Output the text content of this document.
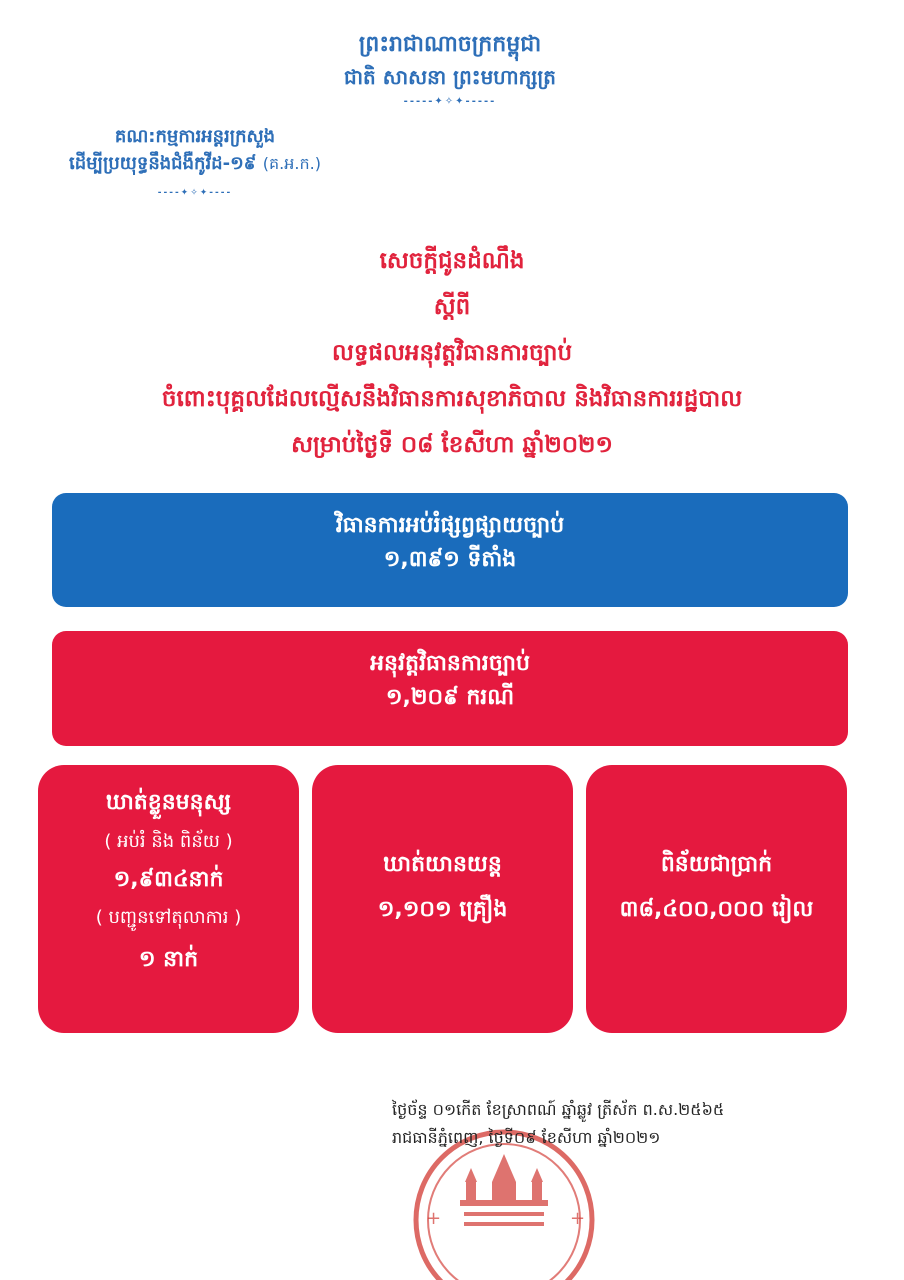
ព្រះរាជាណាចក្រកម្ពុជា
ជាតិ សាសនា ព្រះមហាក្សត្រ
‐‐‐‐‐✦✧✦‐‐‐‐‐
គណ:កម្មការអន្តរក្រសួង
ដើម្បីប្រយុទ្ធនឹងជំងឺកូវីដ-១៩ (គ.អ.ក.)
‐‐‐‐✦✧✦‐‐‐‐
សេចក្ដីជូនដំណឹង
ស្ដីពី
លទ្ធផលអនុវត្តវិធានការច្បាប់
ចំពោះបុគ្គលដែលល្មើសនឹងវិធានការសុខាភិបាល និងវិធានការរដ្ឋបាល
សម្រាប់ថ្ងៃទី ០៨ ខែសីហា ឆ្នាំ២០២១
វិធានការអប់រំផ្សព្វផ្សាយច្បាប់
១,៣៩១ ទីតាំង
អនុវត្តវិធានការច្បាប់
១,២០៩ ករណី
ឃាត់ខ្លួនមនុស្ស
( អប់រំ និង ពិន័យ )
១,៩៣៤នាក់
( បញ្ជូនទៅតុលាការ )
១ នាក់
ឃាត់យានយន្ត
១,១០១ គ្រឿង
ពិន័យជាប្រាក់
៣៨,៤០០,០០០ រៀល
+	+
ថ្ងៃច័ន្ទ ០១កើត ខែស្រាពណ៍ ឆ្នាំឆ្លូវ ត្រីស័ក ព.ស.២៥៦៥
រាជធានីភ្នំពេញ, ថ្ងៃទី០៩ ខែសីហា ឆ្នាំ២០២១
